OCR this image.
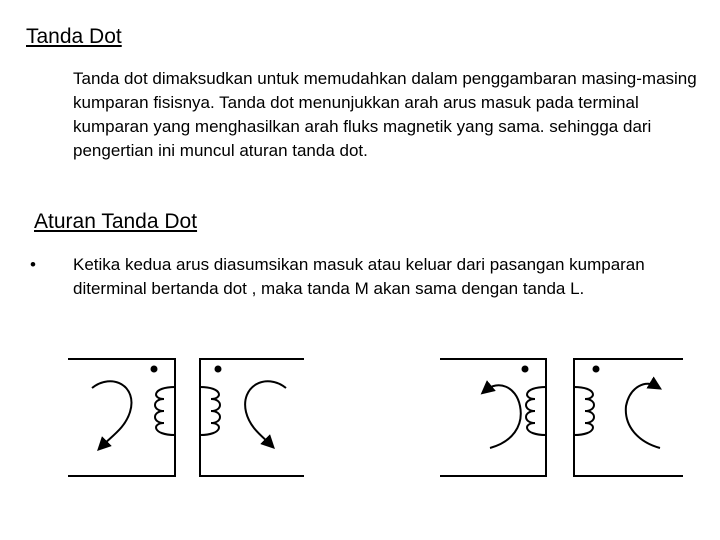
Tanda Dot

Tanda dot dimaksudkan untuk memudahkan dalam penggambaran masing-masing kumparan fisisnya. Tanda dot menunjukkan arah arus masuk pada terminal kumparan yang menghasilkan arah fluks magnetik yang sama. sehingga dari pengertian ini muncul aturan tanda dot.

Aturan Tanda Dot
• Ketika kedua arus diasumsikan masuk atau keluar dari pasangan kumparan diterminal bertanda dot , maka tanda M akan sama dengan tanda L.
